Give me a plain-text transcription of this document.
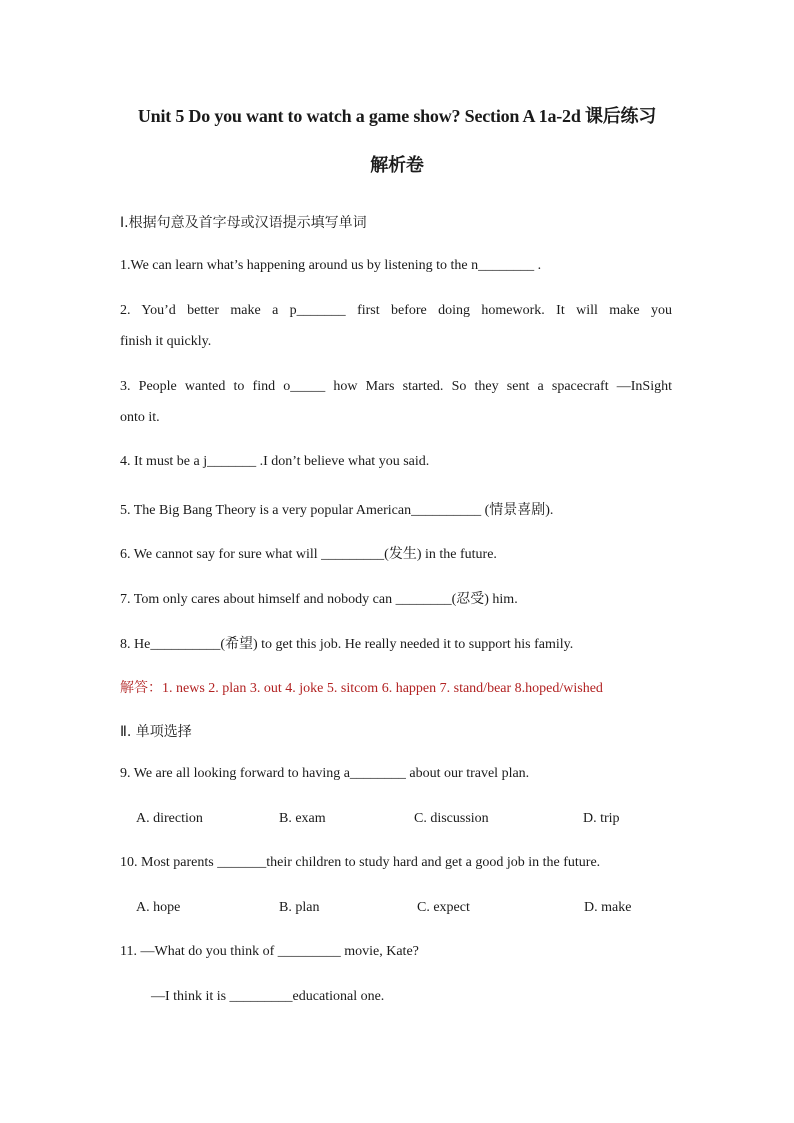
Unit 5 Do you want to watch a game show? Section A 1a-2d 课后练习
解析卷
Ⅰ.根据句意及首字母或汉语提示填写单词
1.We can learn what’s happening around us by listening to the n________ .
2. You’d better make a p_______ first before doing homework. It will make you
finish it quickly.
3. People wanted to find o_____ how Mars started. So they sent a spacecraft —InSight
onto it.
4. It must be a j_______ .I don’t believe what you said.
5. The Big Bang Theory is a very popular American__________ (情景喜剧).
6. We cannot say for sure what will _________(发生) in the future.
7. Tom only cares about himself and nobody can ________(忍受) him.
8. He__________(希望) to get this job. He really needed it to support his family.
解答：1. news 2. plan 3. out 4. joke 5. sitcom 6. happen 7. stand/bear 8.hoped/wished
Ⅱ. 单项选择
9. We are all looking forward to having a________ about our travel plan.
A. direction	B. exam	C. discussion	D. trip
10. Most parents _______their children to study hard and get a good job in the future.
A. hope	B. plan	C. expect	D. make
11. —What do you think of _________ movie, Kate?
—I think it is _________educational one.
